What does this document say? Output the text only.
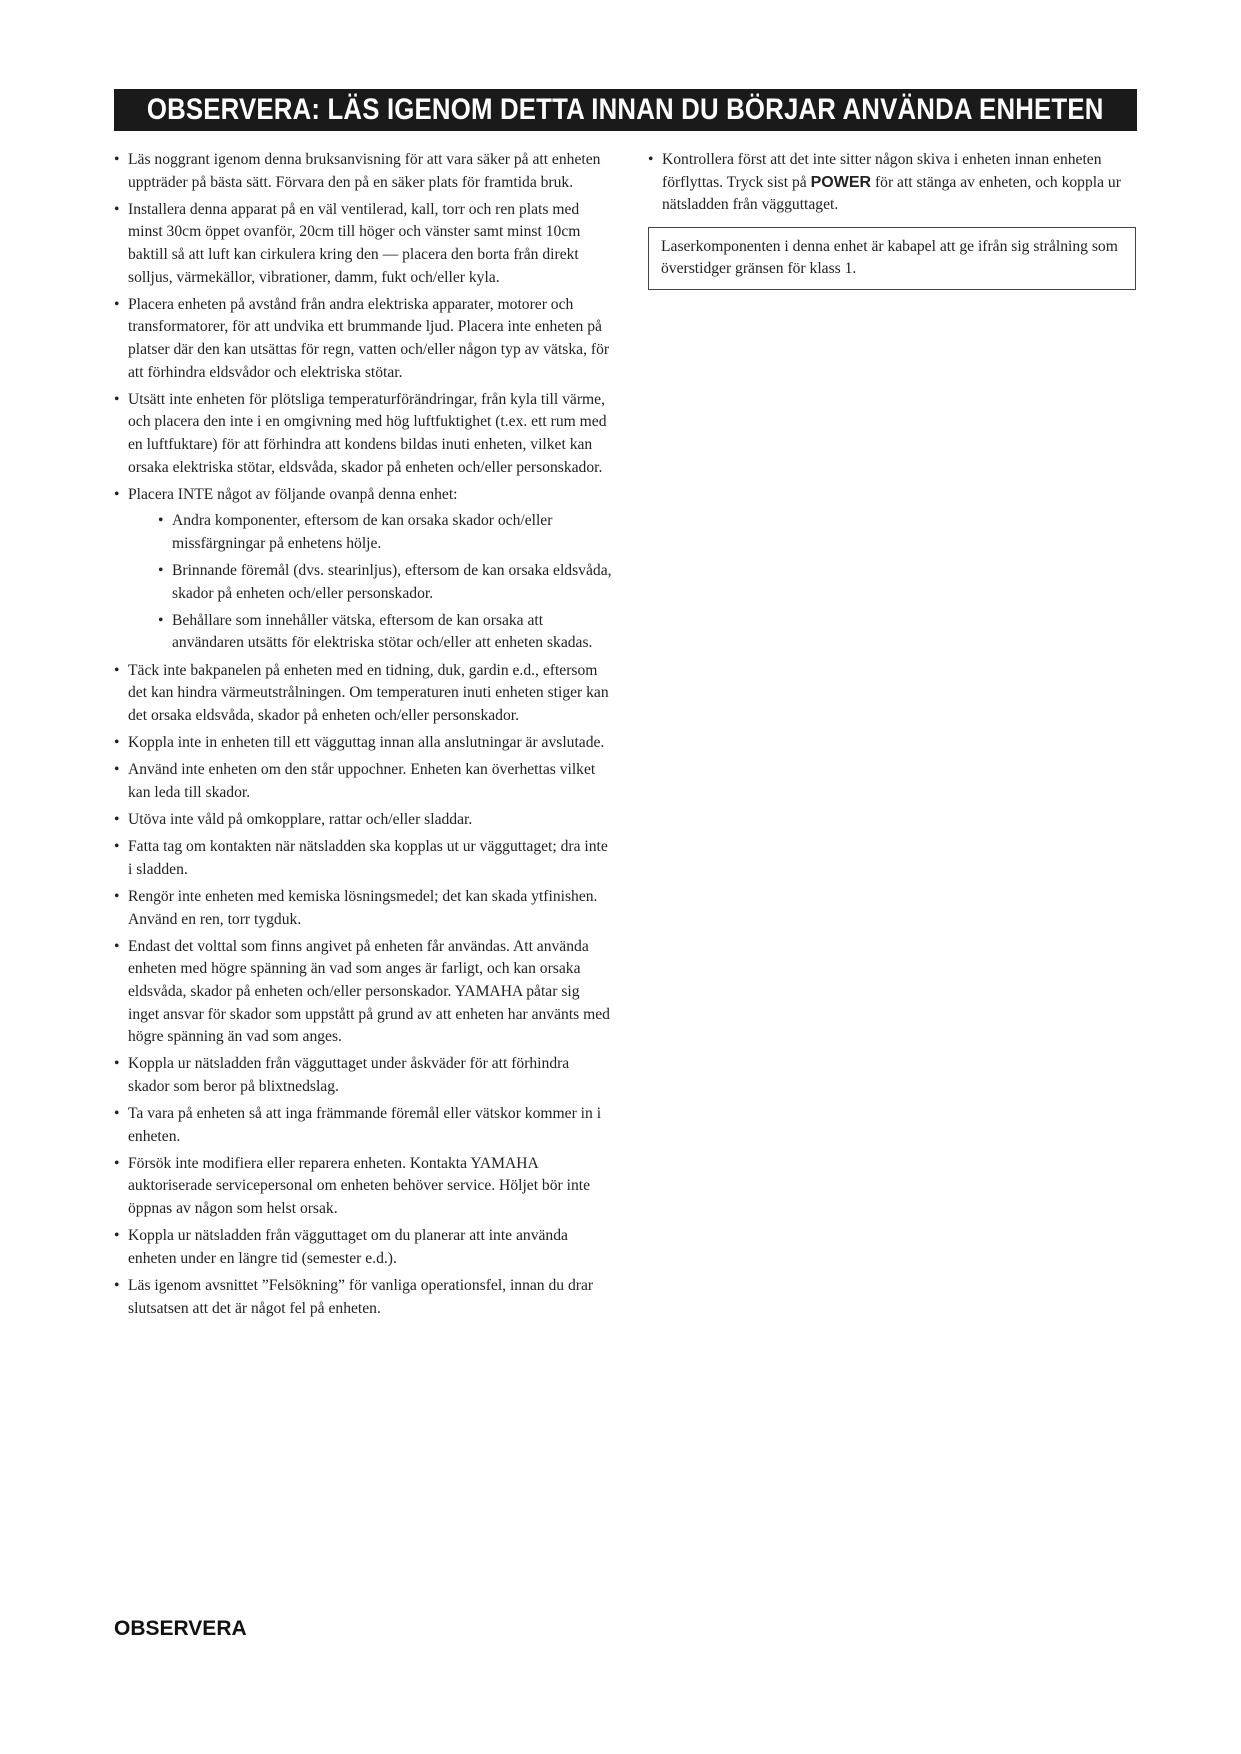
OBSERVERA: LÄS IGENOM DETTA INNAN DU BÖRJAR ANVÄNDA ENHETEN
• Läs noggrant igenom denna bruksanvisning för att vara säker på att enheten uppträder på bästa sätt. Förvara den på en säker plats för framtida bruk.
• Installera denna apparat på en väl ventilerad, kall, torr och ren plats med minst 30cm öppet ovanför, 20cm till höger och vänster samt minst 10cm baktill så att luft kan cirkulera kring den — placera den borta från direkt solljus, värmekällor, vibrationer, damm, fukt och/eller kyla.
• Placera enheten på avstånd från andra elektriska apparater, motorer och transformatorer, för att undvika ett brummande ljud. Placera inte enheten på platser där den kan utsättas för regn, vatten och/eller någon typ av vätska, för att förhindra eldsvådor och elektriska stötar.
• Utsätt inte enheten för plötsliga temperaturförändringar, från kyla till värme, och placera den inte i en omgivning med hög luftfuktighet (t.ex. ett rum med en luftfuktare) för att förhindra att kondens bildas inuti enheten, vilket kan orsaka elektriska stötar, eldsvåda, skador på enheten och/eller personskador.
• Placera INTE något av följande ovanpå denna enhet:
• Andra komponenter, eftersom de kan orsaka skador och/eller missfärgningar på enhetens hölje.
• Brinnande föremål (dvs. stearinljus), eftersom de kan orsaka eldsvåda, skador på enheten och/eller personskador.
• Behållare som innehåller vätska, eftersom de kan orsaka att användaren utsätts för elektriska stötar och/eller att enheten skadas.
• Täck inte bakpanelen på enheten med en tidning, duk, gardin e.d., eftersom det kan hindra värmeutstrålningen. Om temperaturen inuti enheten stiger kan det orsaka eldsvåda, skador på enheten och/eller personskador.
• Koppla inte in enheten till ett vägguttag innan alla anslutningar är avslutade.
• Använd inte enheten om den står uppochner. Enheten kan överhettas vilket kan leda till skador.
• Utöva inte våld på omkopplare, rattar och/eller sladdar.
• Fatta tag om kontakten när nätsladden ska kopplas ut ur vägguttaget; dra inte i sladden.
• Rengör inte enheten med kemiska lösningsmedel; det kan skada ytfinishen. Använd en ren, torr tygduk.
• Endast det volttal som finns angivet på enheten får användas. Att använda enheten med högre spänning än vad som anges är farligt, och kan orsaka eldsvåda, skador på enheten och/eller personskador. YAMAHA påtar sig inget ansvar för skador som uppstått på grund av att enheten har använts med högre spänning än vad som anges.
• Koppla ur nätsladden från vägguttaget under åskväder för att förhindra skador som beror på blixtnedslag.
• Ta vara på enheten så att inga främmande föremål eller vätskor kommer in i enheten.
• Försök inte modifiera eller reparera enheten. Kontakta YAMAHA auktoriserade servicepersonal om enheten behöver service. Höljet bör inte öppnas av någon som helst orsak.
• Koppla ur nätsladden från vägguttaget om du planerar att inte använda enheten under en längre tid (semester e.d.).
• Läs igenom avsnittet ”Felsökning” för vanliga operationsfel, innan du drar slutsatsen att det är något fel på enheten.
• Kontrollera först att det inte sitter någon skiva i enheten innan enheten förflyttas. Tryck sist på POWER för att stänga av enheten, och koppla ur nätsladden från vägguttaget.
Laserkomponenten i denna enhet är kabapel att ge ifrån sig strålning som överstidger gränsen för klass 1.
OBSERVERA
